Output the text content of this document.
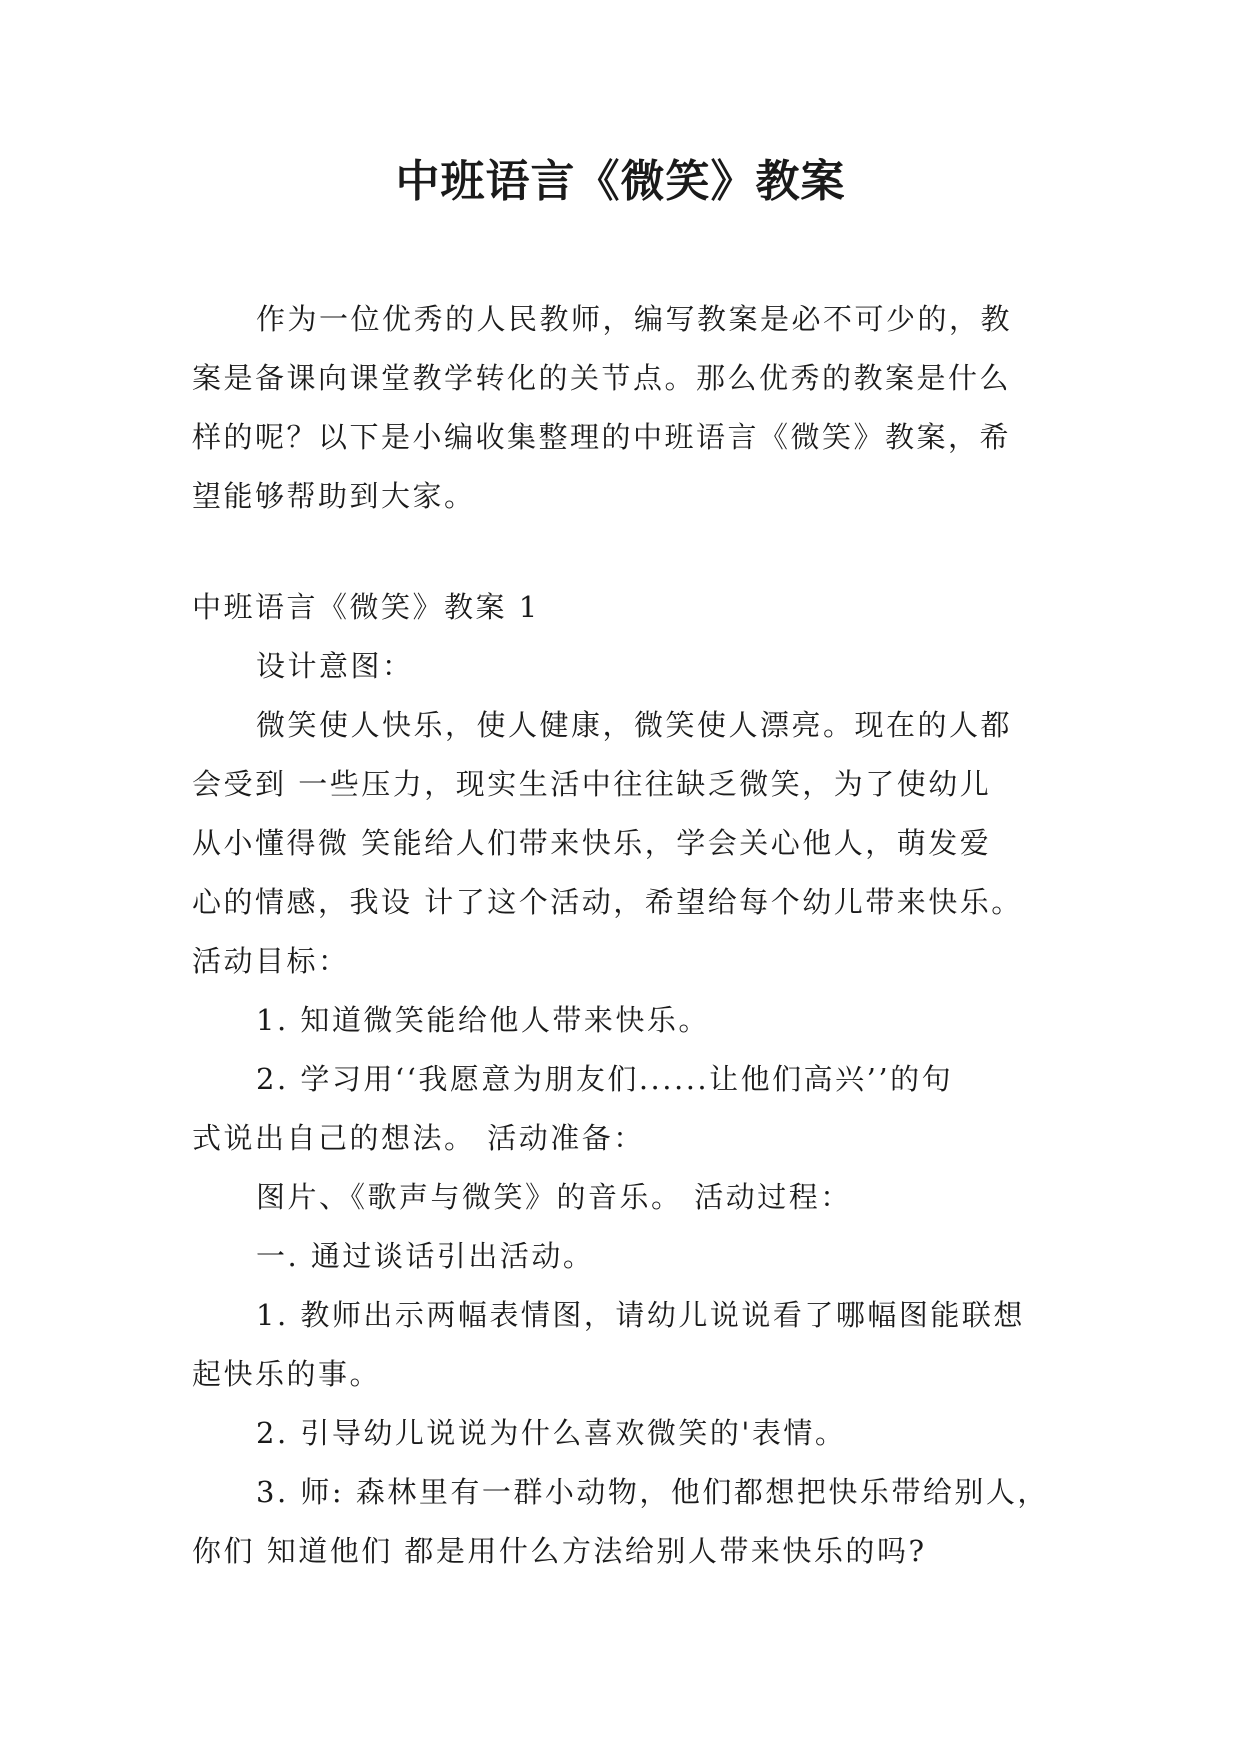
中班语言《微笑》教案

作为一位优秀的人民教师，编写教案是必不可少的，教

案是备课向课堂教学转化的关节点。那么优秀的教案是什么

样的呢？以下是小编收集整理的中班语言《微笑》教案，希

望能够帮助到大家。

中班语言《微笑》教案 1

设计意图：

微笑使人快乐，使人健康，微笑使人漂亮。现在的人都

会受到 一些压力，现实生活中往往缺乏微笑，为了使幼儿

从小懂得微 笑能给人们带来快乐，学会关心他人，萌发爱

心的情感，我设 计了这个活动，希望给每个幼儿带来快乐。

活动目标：

1. 知道微笑能给他人带来快乐。

2. 学习用‘‘我愿意为朋友们......让他们高兴’’的句

式说出自己的想法。 活动准备：

图片、《歌声与微笑》的音乐。 活动过程：

一. 通过谈话引出活动。

1. 教师出示两幅表情图，请幼儿说说看了哪幅图能联想

起快乐的事。

2. 引导幼儿说说为什么喜欢微笑的'表情。

3. 师: 森林里有一群小动物，他们都想把快乐带给别人，

你们 知道他们 都是用什么方法给别人带来快乐的吗?
